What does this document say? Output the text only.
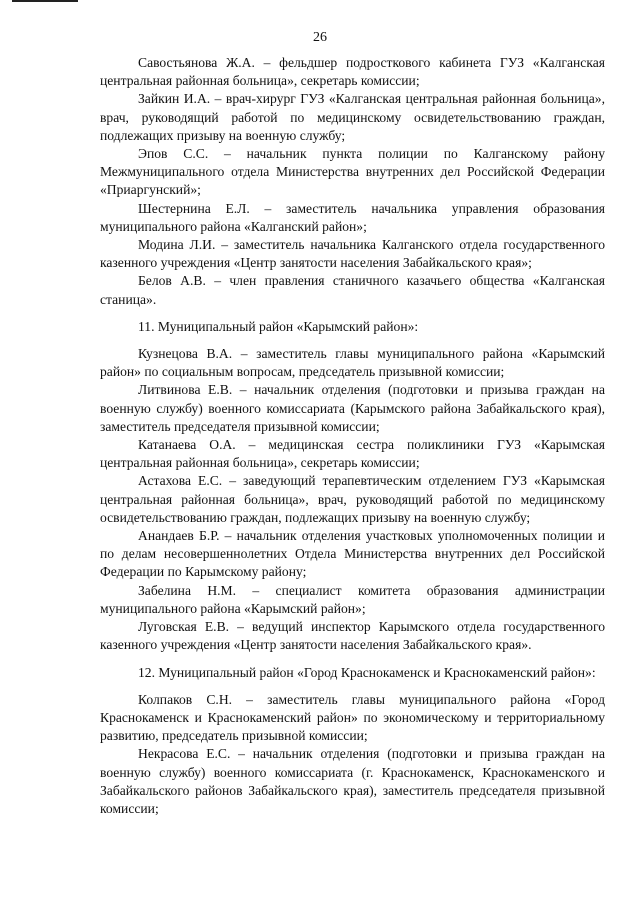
26

Савостьянова Ж.А. – фельдшер подросткового кабинета ГУЗ «Калганская центральная районная больница», секретарь комиссии;

Зайкин И.А. – врач-хирург ГУЗ «Калганская центральная районная больница», врач, руководящий работой по медицинскому освидетельствованию граждан, подлежащих призыву на военную службу;

Эпов С.С. – начальник пункта полиции по Калганскому району Межмуниципального отдела Министерства внутренних дел Российской Федерации «Приаргунский»;

Шестернина Е.Л. – заместитель начальника управления образования муниципального района «Калганский район»;

Модина Л.И. – заместитель начальника Калганского отдела государственного казенного учреждения «Центр занятости населения Забайкальского края»;

Белов А.В. – член правления станичного казачьего общества «Калганская станица».

11. Муниципальный район «Карымский район»:

Кузнецова В.А. – заместитель главы муниципального района «Карымский район» по социальным вопросам, председатель призывной комиссии;

Литвинова Е.В. – начальник отделения (подготовки и призыва граждан на военную службу) военного комиссариата (Карымского района Забайкальского края), заместитель председателя призывной комиссии;

Катанаева О.А. – медицинская сестра поликлиники ГУЗ «Карымская центральная районная больница», секретарь комиссии;

Астахова Е.С. – заведующий терапевтическим отделением ГУЗ «Карымская центральная районная больница», врач, руководящий работой по медицинскому освидетельствованию граждан, подлежащих призыву на военную службу;

Анандаев Б.Р. – начальник отделения участковых уполномоченных полиции и по делам несовершеннолетних Отдела Министерства внутренних дел Российской Федерации по Карымскому району;

Забелина Н.М. – специалист комитета образования администрации муниципального района «Карымский район»;

Луговская Е.В. – ведущий инспектор Карымского отдела государственного казенного учреждения «Центр занятости населения Забайкальского края».

12. Муниципальный район «Город Краснокаменск и Краснокаменский район»:

Колпаков С.Н. – заместитель главы муниципального района «Город Краснокаменск и Краснокаменский район» по экономическому и территориальному развитию, председатель призывной комиссии;

Некрасова Е.С. – начальник отделения (подготовки и призыва граждан на военную службу) военного комиссариата (г. Краснокаменск, Краснокаменского и Забайкальского районов Забайкальского края), заместитель председателя призывной комиссии;
